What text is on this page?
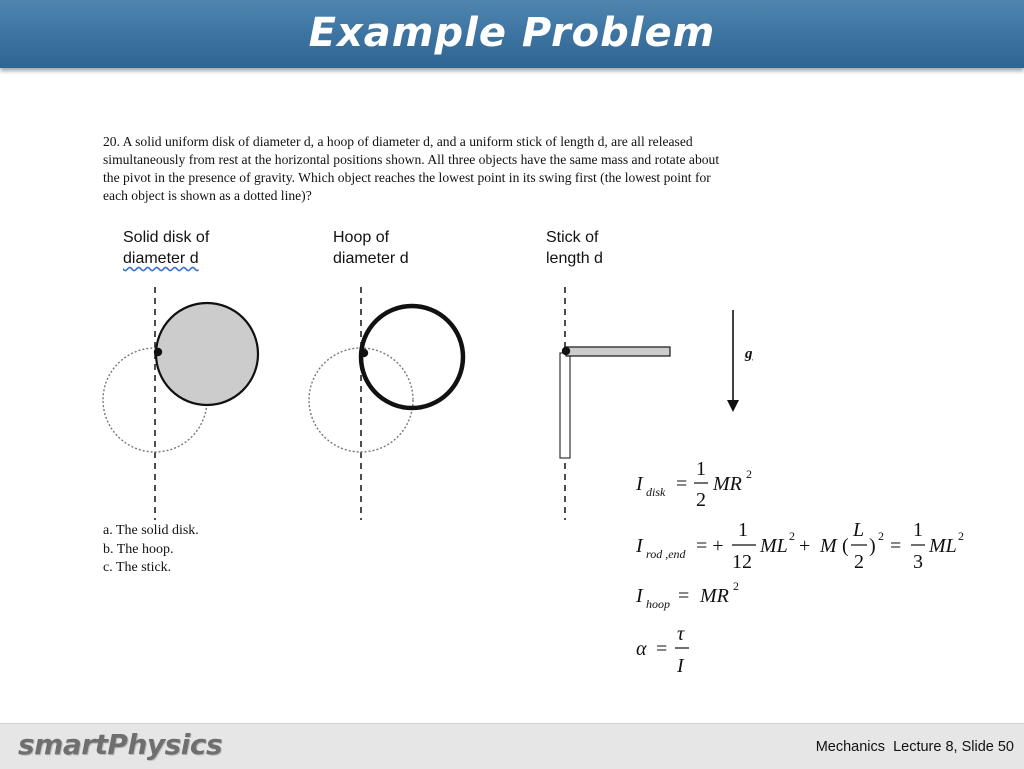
Example Problem
20. A solid uniform disk of diameter d, a hoop of diameter d, and a uniform stick of length d, are all released
simultaneously from rest at the horizontal positions shown. All three objects have the same mass and rotate about
the pivot in the presence of gravity. Which object reaches the lowest point in its swing first (the lowest point for
each object is shown as a dotted line)?
Solid disk of
diameter d
Hoop of
diameter d
Stick of
length d
g
a. The solid disk.
b. The hoop.
c. The stick.
I disk =
1
2
MR 2
I rod ,end = +
1
12
ML 2 + M (
L
2
) 2 =
1
3
ML 2
I hoop = MR 2
α =
τ
I
smartPhysics	Mechanics Lecture 8, Slide 50
